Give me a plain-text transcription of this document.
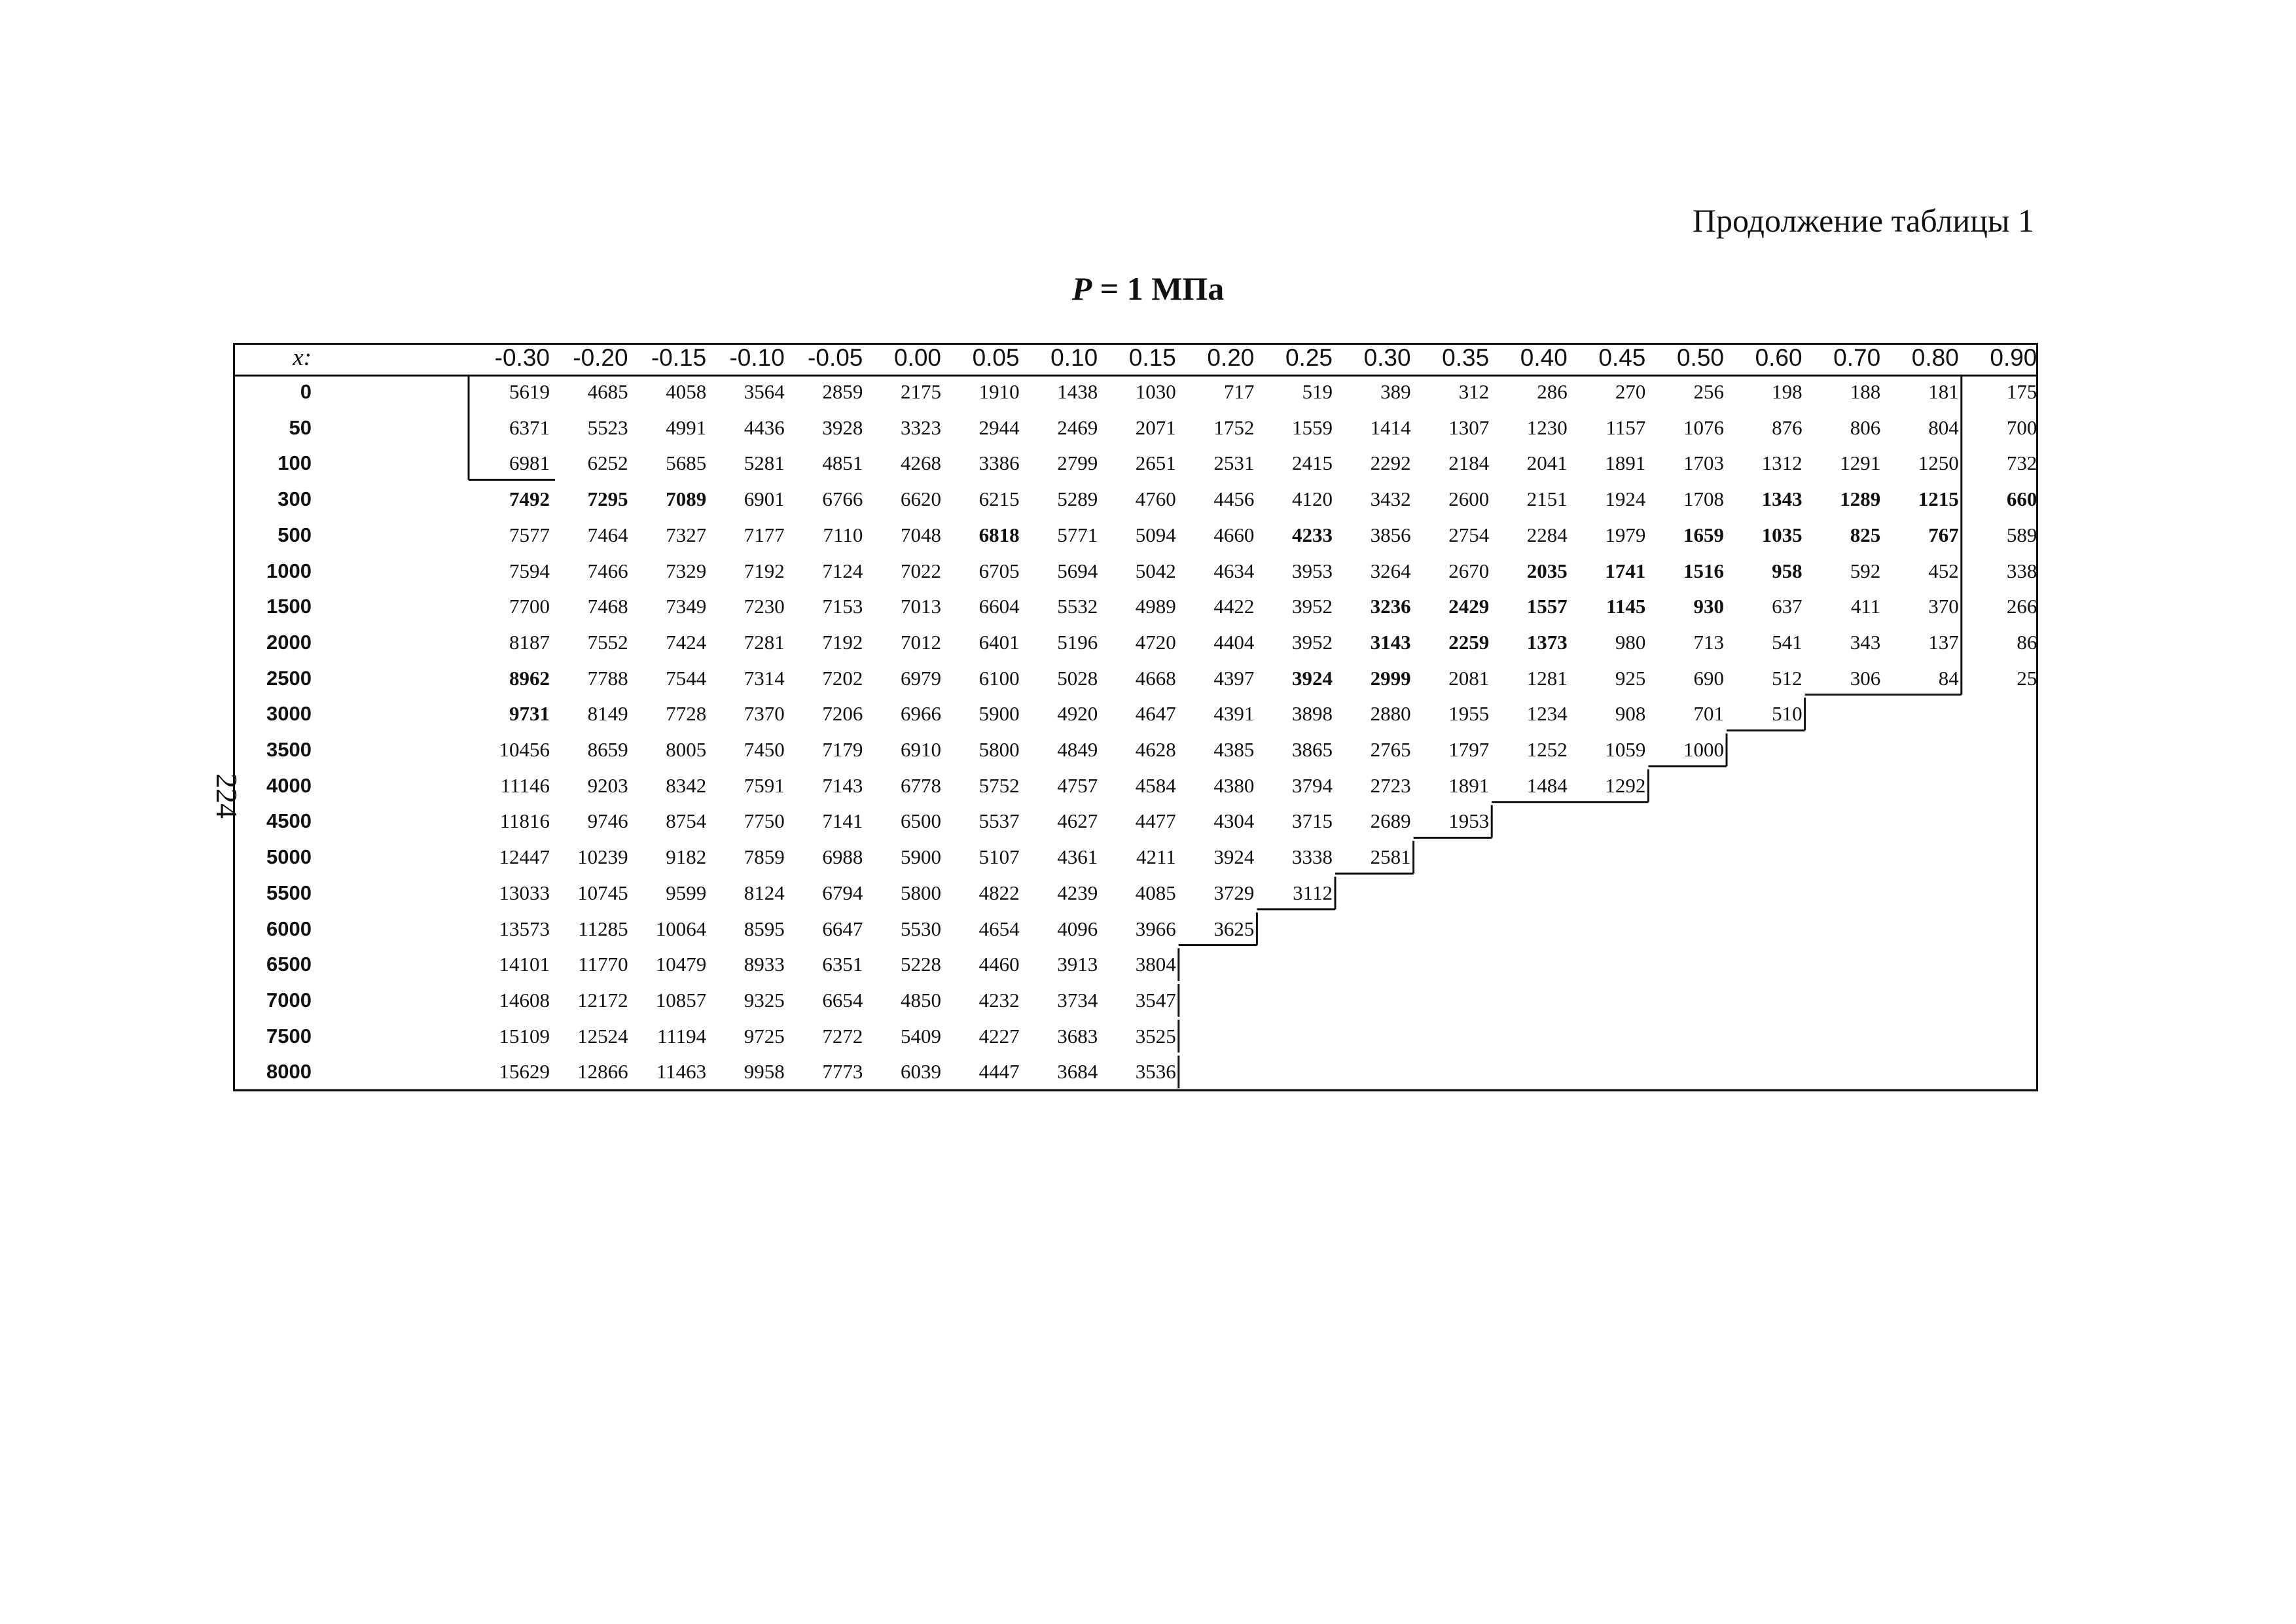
Продолжение таблицы 1
P = 1 МПа
224
x:	-0.30 -0.20 -0.15 -0.10 -0.05	0.00	0.05	0.10	0.15	0.20	0.25	0.30	0.35	0.40	0.45	0.50	0.60	0.70	0.80	0.90
0	5619	4685	4058	3564	2859	2175	1910	1438	1030	717	519	389	312	286	270	256	198	188	181	175
50	6371	5523	4991	4436	3928	3323	2944	2469	2071	1752	1559	1414	1307	1230	1157	1076	876	806	804	700
100	6981	6252	5685	5281	4851	4268	3386	2799	2651	2531	2415	2292	2184	2041	1891	1703	1312	1291	1250	732
300	7492	7295	7089	6901	6766	6620	6215	5289	4760	4456	4120	3432	2600	2151	1924	1708	1343	1289	1215	660
500	7577	7464	7327	7177	7110	7048	6818	5771	5094	4660	4233	3856	2754	2284	1979	1659	1035	825	767	589
1000	7594	7466	7329	7192	7124	7022	6705	5694	5042	4634	3953	3264	2670	2035	1741	1516	958	592	452	338
1500	7700	7468	7349	7230	7153	7013	6604	5532	4989	4422	3952	3236	2429	1557	1145	930	637	411	370	266
2000	8187	7552	7424	7281	7192	7012	6401	5196	4720	4404	3952	3143	2259	1373	980	713	541	343	137	86
2500	8962	7788	7544	7314	7202	6979	6100	5028	4668	4397	3924	2999	2081	1281	925	690	512	306	84	25
3000	9731	8149	7728	7370	7206	6966	5900	4920	4647	4391	3898	2880	1955	1234	908	701	510
3500	10456	8659	8005	7450	7179	6910	5800	4849	4628	4385	3865	2765	1797	1252	1059	1000
4000	11146	9203	8342	7591	7143	6778	5752	4757	4584	4380	3794	2723	1891	1484	1292
4500	11816	9746	8754	7750	7141	6500	5537	4627	4477	4304	3715	2689	1953
5000	12447	10239	9182	7859	6988	5900	5107	4361	4211	3924	3338	2581
5500	13033	10745	9599	8124	6794	5800	4822	4239	4085	3729	3112
6000	13573	11285	10064	8595	6647	5530	4654	4096	3966	3625
6500	14101	11770	10479	8933	6351	5228	4460	3913	3804
7000	14608	12172	10857	9325	6654	4850	4232	3734	3547
7500	15109	12524	11194	9725	7272	5409	4227	3683	3525
8000	15629	12866	11463	9958	7773	6039	4447	3684	3536
